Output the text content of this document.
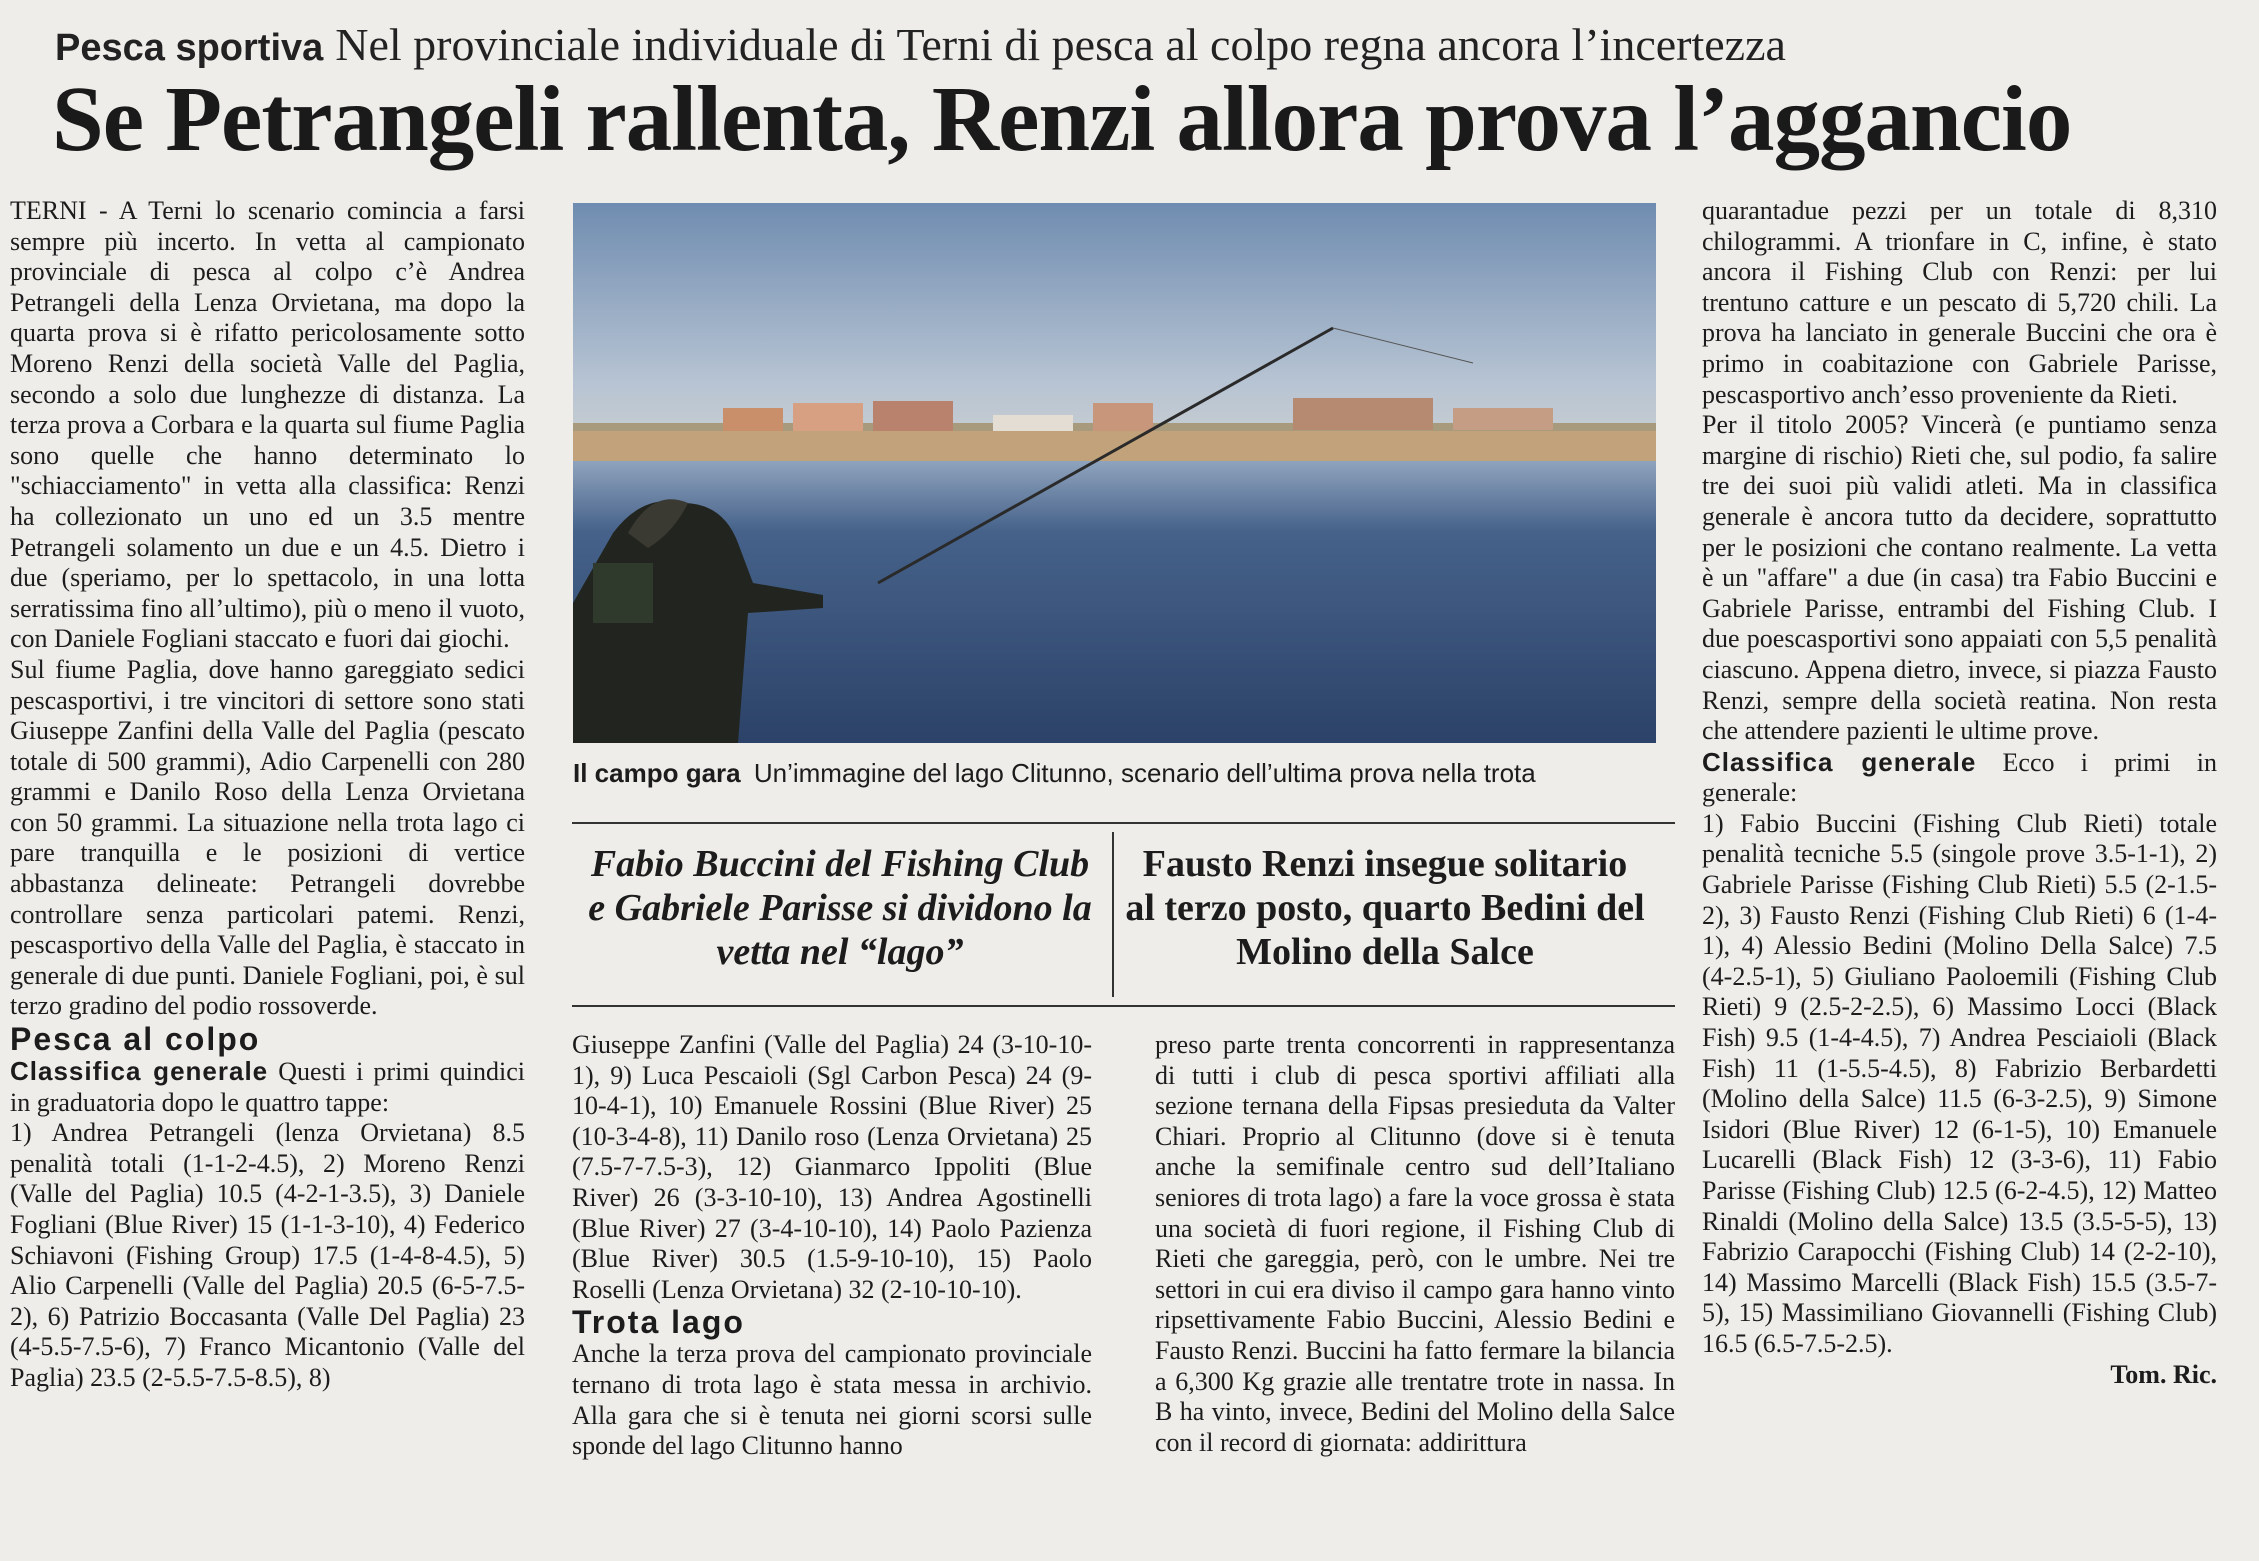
Pesca sportiva Nel provinciale individuale di Terni di pesca al colpo regna ancora l’incertezza
Se Petrangeli rallenta, Renzi allora prova l’aggancio

TERNI - A Terni lo scenario comincia a farsi sempre più incerto. In vetta al campionato provinciale di pesca al colpo c’è Andrea Petrangeli della Lenza Orvietana, ma dopo la quarta prova si è rifatto pericolosamente sotto Moreno Renzi della società Valle del Paglia, secondo a solo due lunghezze di distanza. La terza prova a Corbara e la quarta sul fiume Paglia sono quelle che hanno determinato lo "schiacciamento" in vetta alla classifica: Renzi ha collezionato un uno ed un 3.5 mentre Petrangeli solamento un due e un 4.5. Dietro i due (speriamo, per lo spettacolo, in una lotta serratissima fino all’ultimo), più o meno il vuoto, con Daniele Fogliani staccato e fuori dai giochi.

Sul fiume Paglia, dove hanno gareggiato sedici pescasportivi, i tre vincitori di settore sono stati Giuseppe Zanfini della Valle del Paglia (pescato totale di 500 grammi), Adio Carpenelli con 280 grammi e Danilo Roso della Lenza Orvietana con 50 grammi. La situazione nella trota lago ci pare tranquilla e le posizioni di vertice abbastanza delineate: Petrangeli dovrebbe controllare senza particolari patemi. Renzi, pescasportivo della Valle del Paglia, è staccato in generale di due punti. Daniele Fogliani, poi, è sul terzo gradino del podio rossoverde.

Pesca al colpo

Classifica generale Questi i primi quindici in graduatoria dopo le quattro tappe:

1) Andrea Petrangeli (lenza Orvietana) 8.5 penalità totali (1-1-2-4.5), 2) Moreno Renzi (Valle del Paglia) 10.5 (4-2-1-3.5), 3) Daniele Fogliani (Blue River) 15 (1-1-3-10), 4) Federico Schiavoni (Fishing Group) 17.5 (1-4-8-4.5), 5) Alio Carpenelli (Valle del Paglia) 20.5 (6-5-7.5-2), 6) Patrizio Boccasanta (Valle Del Paglia) 23 (4-5.5-7.5-6), 7) Franco Micantonio (Valle del Paglia) 23.5 (2-5.5-7.5-8.5), 8)

Il campo gara Un’immagine del lago Clitunno, scenario dell’ultima prova nella trota
Fabio Buccini del Fishing Club e Gabriele Parisse si dividono la vetta nel “lago”
Fausto Renzi insegue solitario al terzo posto, quarto Bedini del Molino della Salce

Giuseppe Zanfini (Valle del Paglia) 24 (3-10-10-1), 9) Luca Pescaioli (Sgl Carbon Pesca) 24 (9-10-4-1), 10) Emanuele Rossini (Blue River) 25 (10-3-4-8), 11) Danilo roso (Lenza Orvietana) 25 (7.5-7-7.5-3), 12) Gianmarco Ippoliti (Blue River) 26 (3-3-10-10), 13) Andrea Agostinelli (Blue River) 27 (3-4-10-10), 14) Paolo Pazienza (Blue River) 30.5 (1.5-9-10-10), 15) Paolo Roselli (Lenza Orvietana) 32 (2-10-10-10).

Trota lago

Anche la terza prova del campionato provinciale ternano di trota lago è stata messa in archivio. Alla gara che si è tenuta nei giorni scorsi sulle sponde del lago Clitunno hanno

preso parte trenta concorrenti in rappresentanza di tutti i club di pesca sportivi affiliati alla sezione ternana della Fipsas presieduta da Valter Chiari. Proprio al Clitunno (dove si è tenuta anche la semifinale centro sud dell’Italiano seniores di trota lago) a fare la voce grossa è stata una società di fuori regione, il Fishing Club di Rieti che gareggia, però, con le umbre. Nei tre settori in cui era diviso il campo gara hanno vinto ripsettivamente Fabio Buccini, Alessio Bedini e Fausto Renzi. Buccini ha fatto fermare la bilancia a 6,300 Kg grazie alle trentatre trote in nassa. In B ha vinto, invece, Bedini del Molino della Salce con il record di giornata: addirittura

quarantadue pezzi per un totale di 8,310 chilogrammi. A trionfare in C, infine, è stato ancora il Fishing Club con Renzi: per lui trentuno catture e un pescato di 5,720 chili. La prova ha lanciato in generale Buccini che ora è primo in coabitazione con Gabriele Parisse, pescasportivo anch’esso proveniente da Rieti.

Per il titolo 2005? Vincerà (e puntiamo senza margine di rischio) Rieti che, sul podio, fa salire tre dei suoi più validi atleti. Ma in classifica generale è ancora tutto da decidere, soprattutto per le posizioni che contano realmente. La vetta è un "affare" a due (in casa) tra Fabio Buccini e Gabriele Parisse, entrambi del Fishing Club. I due poescasportivi sono appaiati con 5,5 penalità ciascuno. Appena dietro, invece, si piazza Fausto Renzi, sempre della società reatina. Non resta che attendere pazienti le ultime prove.

Classifica generale Ecco i primi in generale:

1) Fabio Buccini (Fishing Club Rieti) totale penalità tecniche 5.5 (singole prove 3.5-1-1), 2) Gabriele Parisse (Fishing Club Rieti) 5.5 (2-1.5-2), 3) Fausto Renzi (Fishing Club Rieti) 6 (1-4-1), 4) Alessio Bedini (Molino Della Salce) 7.5 (4-2.5-1), 5) Giuliano Paoloemili (Fishing Club Rieti) 9 (2.5-2-2.5), 6) Massimo Locci (Black Fish) 9.5 (1-4-4.5), 7) Andrea Pesciaioli (Black Fish) 11 (1-5.5-4.5), 8) Fabrizio Berbardetti (Molino della Salce) 11.5 (6-3-2.5), 9) Simone Isidori (Blue River) 12 (6-1-5), 10) Emanuele Lucarelli (Black Fish) 12 (3-3-6), 11) Fabio Parisse (Fishing Club) 12.5 (6-2-4.5), 12) Matteo Rinaldi (Molino della Salce) 13.5 (3.5-5-5), 13) Fabrizio Carapocchi (Fishing Club) 14 (2-2-10), 14) Massimo Marcelli (Black Fish) 15.5 (3.5-7-5), 15) Massimiliano Giovannelli (Fishing Club) 16.5 (6.5-7.5-2.5).

Tom. Ric.
